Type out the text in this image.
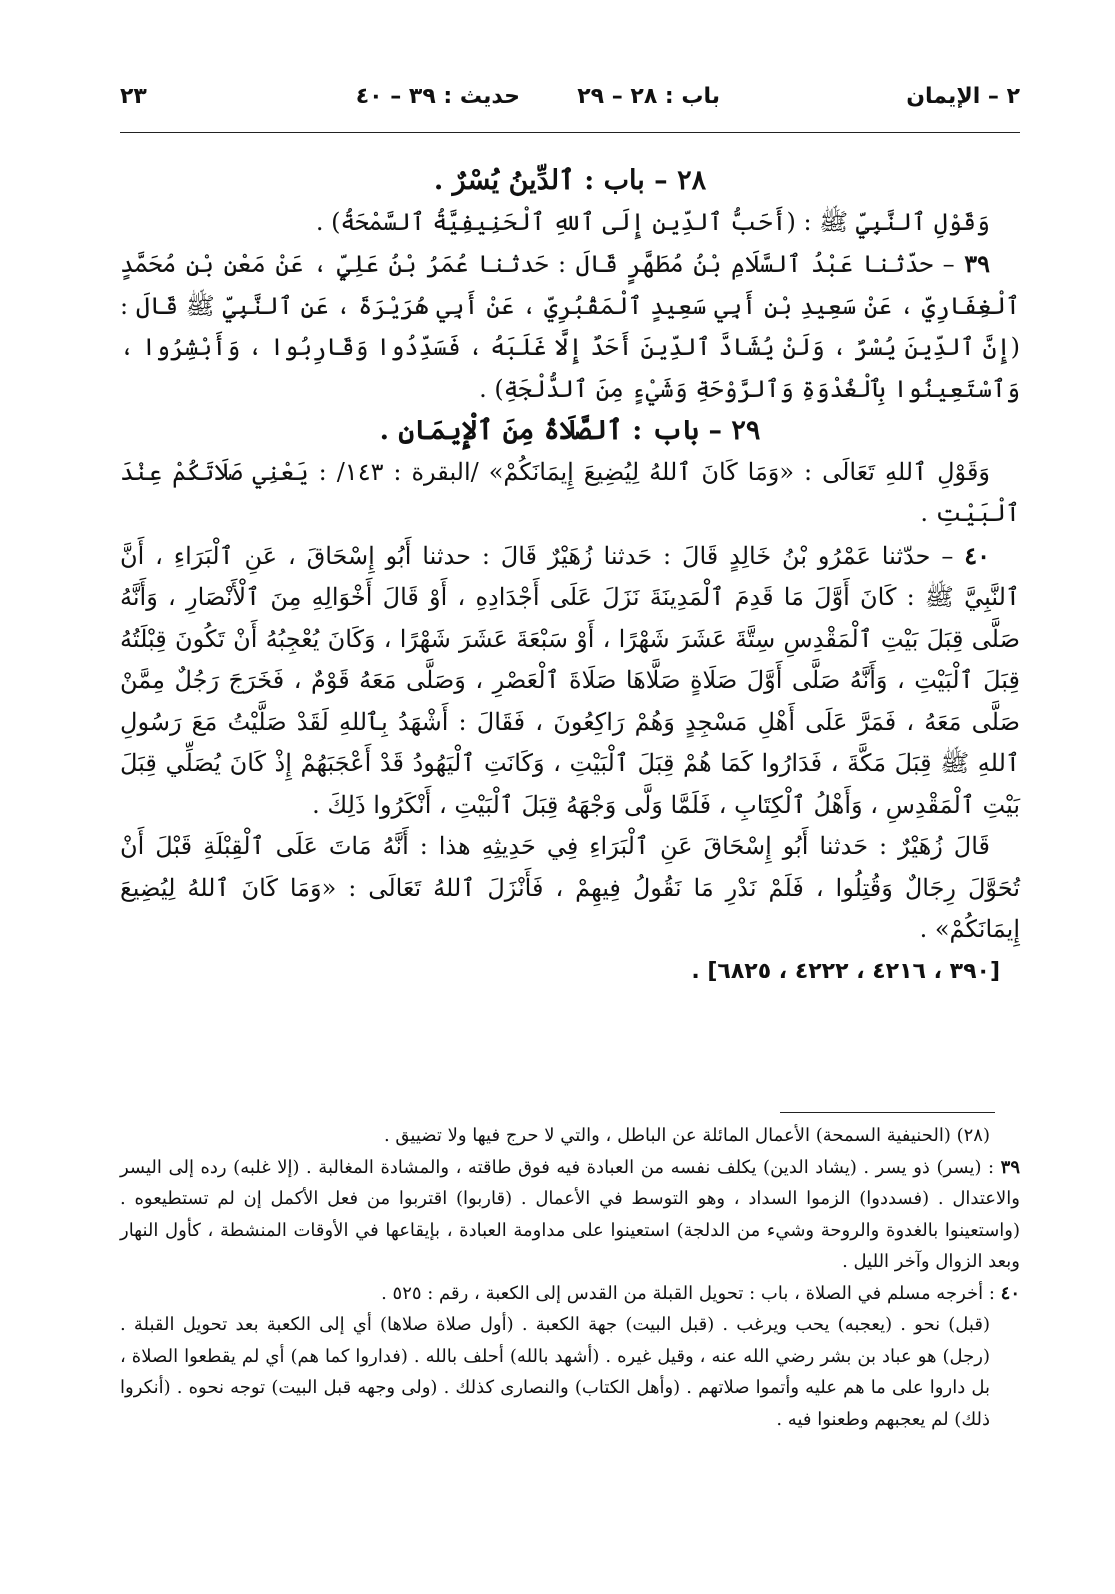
٢ – الإيمان
باب : ٢٨ – ٢٩
حديث : ٣٩ – ٤٠
٢٣

٢٨ – باب : ٱلدِّينُ يُسْرٌ .

وَقَوْلِ ٱلنَّبِيِّ ﷺ : (أَحَبُّ ٱلدِّينِ إِلَى ٱللهِ ٱلْحَنِيفِيَّةُ ٱلسَّمْحَةُ) .

٣٩ – حدّثنا عَبْدُ ٱلسَّلَامِ بْنُ مُطَهَّرٍ قَالَ : حَدثنا عُمَرُ بْنُ عَلِيٍّ ، عَنْ مَعْنِ بْنِ مُحَمَّدٍ ٱلْغِفَارِيِّ ، عَنْ سَعِيدِ بْنِ أَبِي سَعِيدٍ ٱلْمَقْبُرِيِّ ، عَنْ أَبِي هُرَيْرَةَ ، عَنِ ٱلنَّبِيِّ ﷺ قَالَ : (إِنَّ ٱلدِّينَ يُسْرٌ ، وَلَنْ يُشَادَّ ٱلدِّينَ أَحَدٌ إِلَّا غَلَبَهُ ، فَسَدِّدُوا وَقَارِبُوا ، وَأَبْشِرُوا ، وَٱسْتَعِينُوا بِٱلْغُدْوَةِ وَٱلرَّوْحَةِ وَشَيْءٍ مِنَ ٱلدُّلْجَةِ) .

٢٩ – باب : ٱلصَّلَاةُ مِنَ ٱلْإِيمَانِ .

وَقَوْلِ ٱللهِ تَعَالَى : «وَمَا كَانَ ٱللهُ لِيُضِيعَ إِيمَانَكُمْ» /البقرة : ١٤٣/ : يَعْنِي صَلَاتَكُمْ عِنْدَ ٱلْبَيْتِ .

٤٠ – حدّثنا عَمْرُو بْنُ خَالِدٍ قَالَ : حَدثنا زُهَيْرٌ قَالَ : حدثنا أَبُو إِسْحَاقَ ، عَنِ ٱلْبَرَاءِ ، أَنَّ ٱلنَّبِيَّ ﷺ : كَانَ أَوَّلَ مَا قَدِمَ ٱلْمَدِينَةَ نَزَلَ عَلَى أَجْدَادِهِ ، أَوْ قَالَ أَخْوَالِهِ مِنَ ٱلْأَنْصَارِ ، وَأَنَّهُ صَلَّى قِبَلَ بَيْتِ ٱلْمَقْدِسِ سِتَّةَ عَشَرَ شَهْرًا ، أَوْ سَبْعَةَ عَشَرَ شَهْرًا ، وَكَانَ يُعْجِبُهُ أَنْ تَكُونَ قِبْلَتُهُ قِبَلَ ٱلْبَيْتِ ، وَأَنَّهُ صَلَّى أَوَّلَ صَلَاةٍ صَلَّاهَا صَلَاةَ ٱلْعَصْرِ ، وَصَلَّى مَعَهُ قَوْمٌ ، فَخَرَجَ رَجُلٌ مِمَّنْ صَلَّى مَعَهُ ، فَمَرَّ عَلَى أَهْلِ مَسْجِدٍ وَهُمْ رَاكِعُونَ ، فَقَالَ : أَشْهَدُ بِٱللهِ لَقَدْ صَلَّيْتُ مَعَ رَسُولِ ٱللهِ ﷺ قِبَلَ مَكَّةَ ، فَدَارُوا كَمَا هُمْ قِبَلَ ٱلْبَيْتِ ، وَكَانَتِ ٱلْيَهُودُ قَدْ أَعْجَبَهُمْ إِذْ كَانَ يُصَلِّي قِبَلَ بَيْتِ ٱلْمَقْدِسِ ، وَأَهْلُ ٱلْكِتَابِ ، فَلَمَّا وَلَّى وَجْهَهُ قِبَلَ ٱلْبَيْتِ ، أَنْكَرُوا ذَلِكَ .

قَالَ زُهَيْرٌ : حَدثنا أَبُو إِسْحَاقَ عَنِ ٱلْبَرَاءِ فِي حَدِيثِهِ هذا : أَنَّهُ مَاتَ عَلَى ٱلْقِبْلَةِ قَبْلَ أَنْ تُحَوَّلَ رِجَالٌ وَقُتِلُوا ، فَلَمْ نَدْرِ مَا نَقُولُ فِيهِمْ ، فَأَنْزَلَ ٱللهُ تَعَالَى : «وَمَا كَانَ ٱللهُ لِيُضِيعَ إِيمَانَكُمْ» .

[٣٩٠ ، ٤٢١٦ ، ٤٢٢٢ ، ٦٨٢٥] .

(٢٨) (الحنيفية السمحة) الأعمال المائلة عن الباطل ، والتي لا حرج فيها ولا تضييق .

٣٩ : (يسر) ذو يسر . (يشاد الدين) يكلف نفسه من العبادة فيه فوق طاقته ، والمشادة المغالبة . (إلا غلبه) رده إلى اليسر والاعتدال . (فسددوا) الزموا السداد ، وهو التوسط في الأعمال . (قاربوا) اقتربوا من فعل الأكمل إن لم تستطيعوه . (واستعينوا بالغدوة والروحة وشيء من الدلجة) استعينوا على مداومة العبادة ، بإيقاعها في الأوقات المنشطة ، كأول النهار وبعد الزوال وآخر الليل .

٤٠ : أخرجه مسلم في الصلاة ، باب : تحويل القبلة من القدس إلى الكعبة ، رقم : ٥٢٥ .

(قبل) نحو . (يعجبه) يحب ويرغب . (قبل البيت) جهة الكعبة . (أول صلاة صلاها) أي إلى الكعبة بعد تحويل القبلة . (رجل) هو عباد بن بشر رضي الله عنه ، وقيل غيره . (أشهد بالله) أحلف بالله . (فداروا كما هم) أي لم يقطعوا الصلاة ، بل داروا على ما هم عليه وأتموا صلاتهم . (وأهل الكتاب) والنصارى كذلك . (ولى وجهه قبل البيت) توجه نحوه . (أنكروا ذلك) لم يعجبهم وطعنوا فيه .
